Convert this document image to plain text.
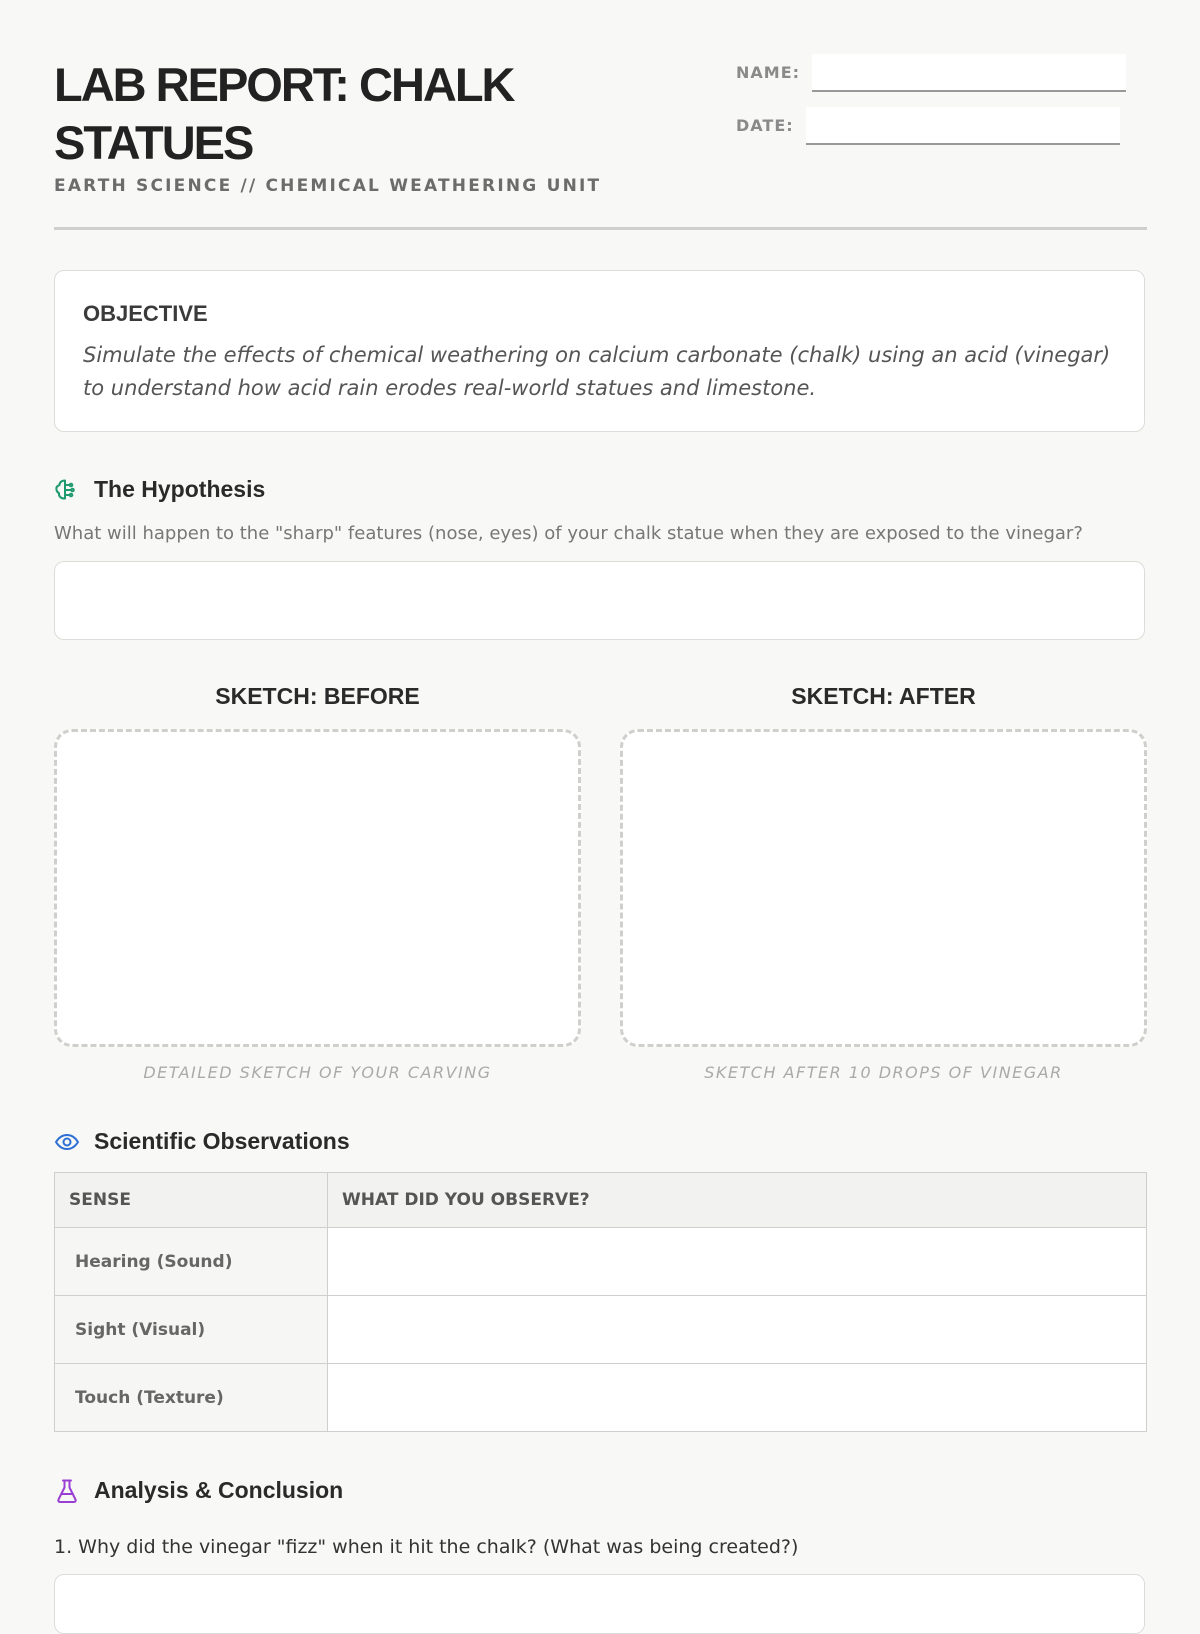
LAB REPORT: CHALK STATUES
EARTH SCIENCE // CHEMICAL WEATHERING UNIT
NAME:
DATE:
OBJECTIVE
Simulate the effects of chemical weathering on calcium carbonate (chalk) using an acid (vinegar) to understand how acid rain erodes real-world statues and limestone.
The Hypothesis
What will happen to the "sharp" features (nose, eyes) of your chalk statue when they are exposed to the vinegar?
SKETCH: BEFORE
DETAILED SKETCH OF YOUR CARVING
SKETCH: AFTER
SKETCH AFTER 10 DROPS OF VINEGAR
Scientific Observations
SENSE	WHAT DID YOU OBSERVE?
Hearing (Sound)	
Sight (Visual)	
Touch (Texture)	
Analysis & Conclusion
1. Why did the vinegar "fizz" when it hit the chalk? (What was being created?)
